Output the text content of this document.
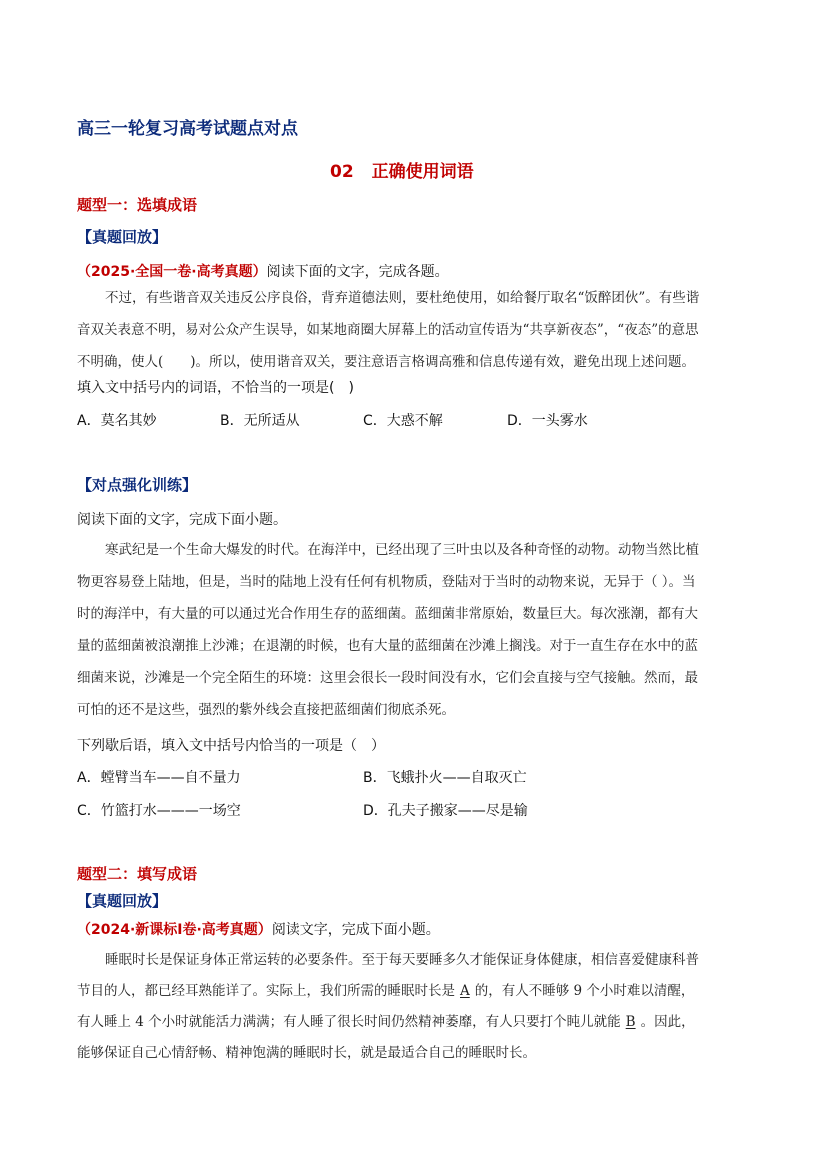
高三一轮复习高考试题点对点
02 正确使用词语
题型一：选填成语
【真题回放】
（2025·全国一卷·高考真题）阅读下面的文字，完成各题。

不过，有些谐音双关违反公序良俗，背弃道德法则，要杜绝使用，如给餐厅取名“饭醉团伙”。有些谐

音双关表意不明，易对公众产生误导，如某地商圈大屏幕上的活动宣传语为“共享新夜态”，“夜态”的意思

不明确，使人(　　)。所以，使用谐音双关，要注意语言格调高雅和信息传递有效，避免出现上述问题。

填入文中括号内的词语，不恰当的一项是(　)
A．莫名其妙	B．无所适从	C．大惑不解	D．一头雾水
【对点强化训练】
阅读下面的文字，完成下面小题。

寒武纪是一个生命大爆发的时代。在海洋中，已经出现了三叶虫以及各种奇怪的动物。动物当然比植

物更容易登上陆地，但是，当时的陆地上没有任何有机物质，登陆对于当时的动物来说，无异于（ ）。当

时的海洋中，有大量的可以通过光合作用生存的蓝细菌。蓝细菌非常原始，数量巨大。每次涨潮，都有大

量的蓝细菌被浪潮推上沙滩；在退潮的时候，也有大量的蓝细菌在沙滩上搁浅。对于一直生存在水中的蓝

细菌来说，沙滩是一个完全陌生的环境：这里会很长一段时间没有水，它们会直接与空气接触。然而，最

可怕的还不是这些，强烈的紫外线会直接把蓝细菌们彻底杀死。

下列歇后语，填入文中括号内恰当的一项是（　）
A．螳臂当车——自不量力	B．飞蛾扑火——自取灭亡
C．竹篮打水———一场空	D．孔夫子搬家——尽是输
题型二：填写成语
【真题回放】
（2024·新课标Ⅰ卷·高考真题）阅读文字，完成下面小题。

睡眠时长是保证身体正常运转的必要条件。至于每天要睡多久才能保证身体健康，相信喜爱健康科普

节目的人，都已经耳熟能详了。实际上，我们所需的睡眠时长是 A 的，有人不睡够 9 个小时难以清醒，

有人睡上 4 个小时就能活力满满；有人睡了很长时间仍然精神萎靡，有人只要打个盹儿就能 B 。因此，

能够保证自己心情舒畅、精神饱满的睡眠时长，就是最适合自己的睡眠时长。
